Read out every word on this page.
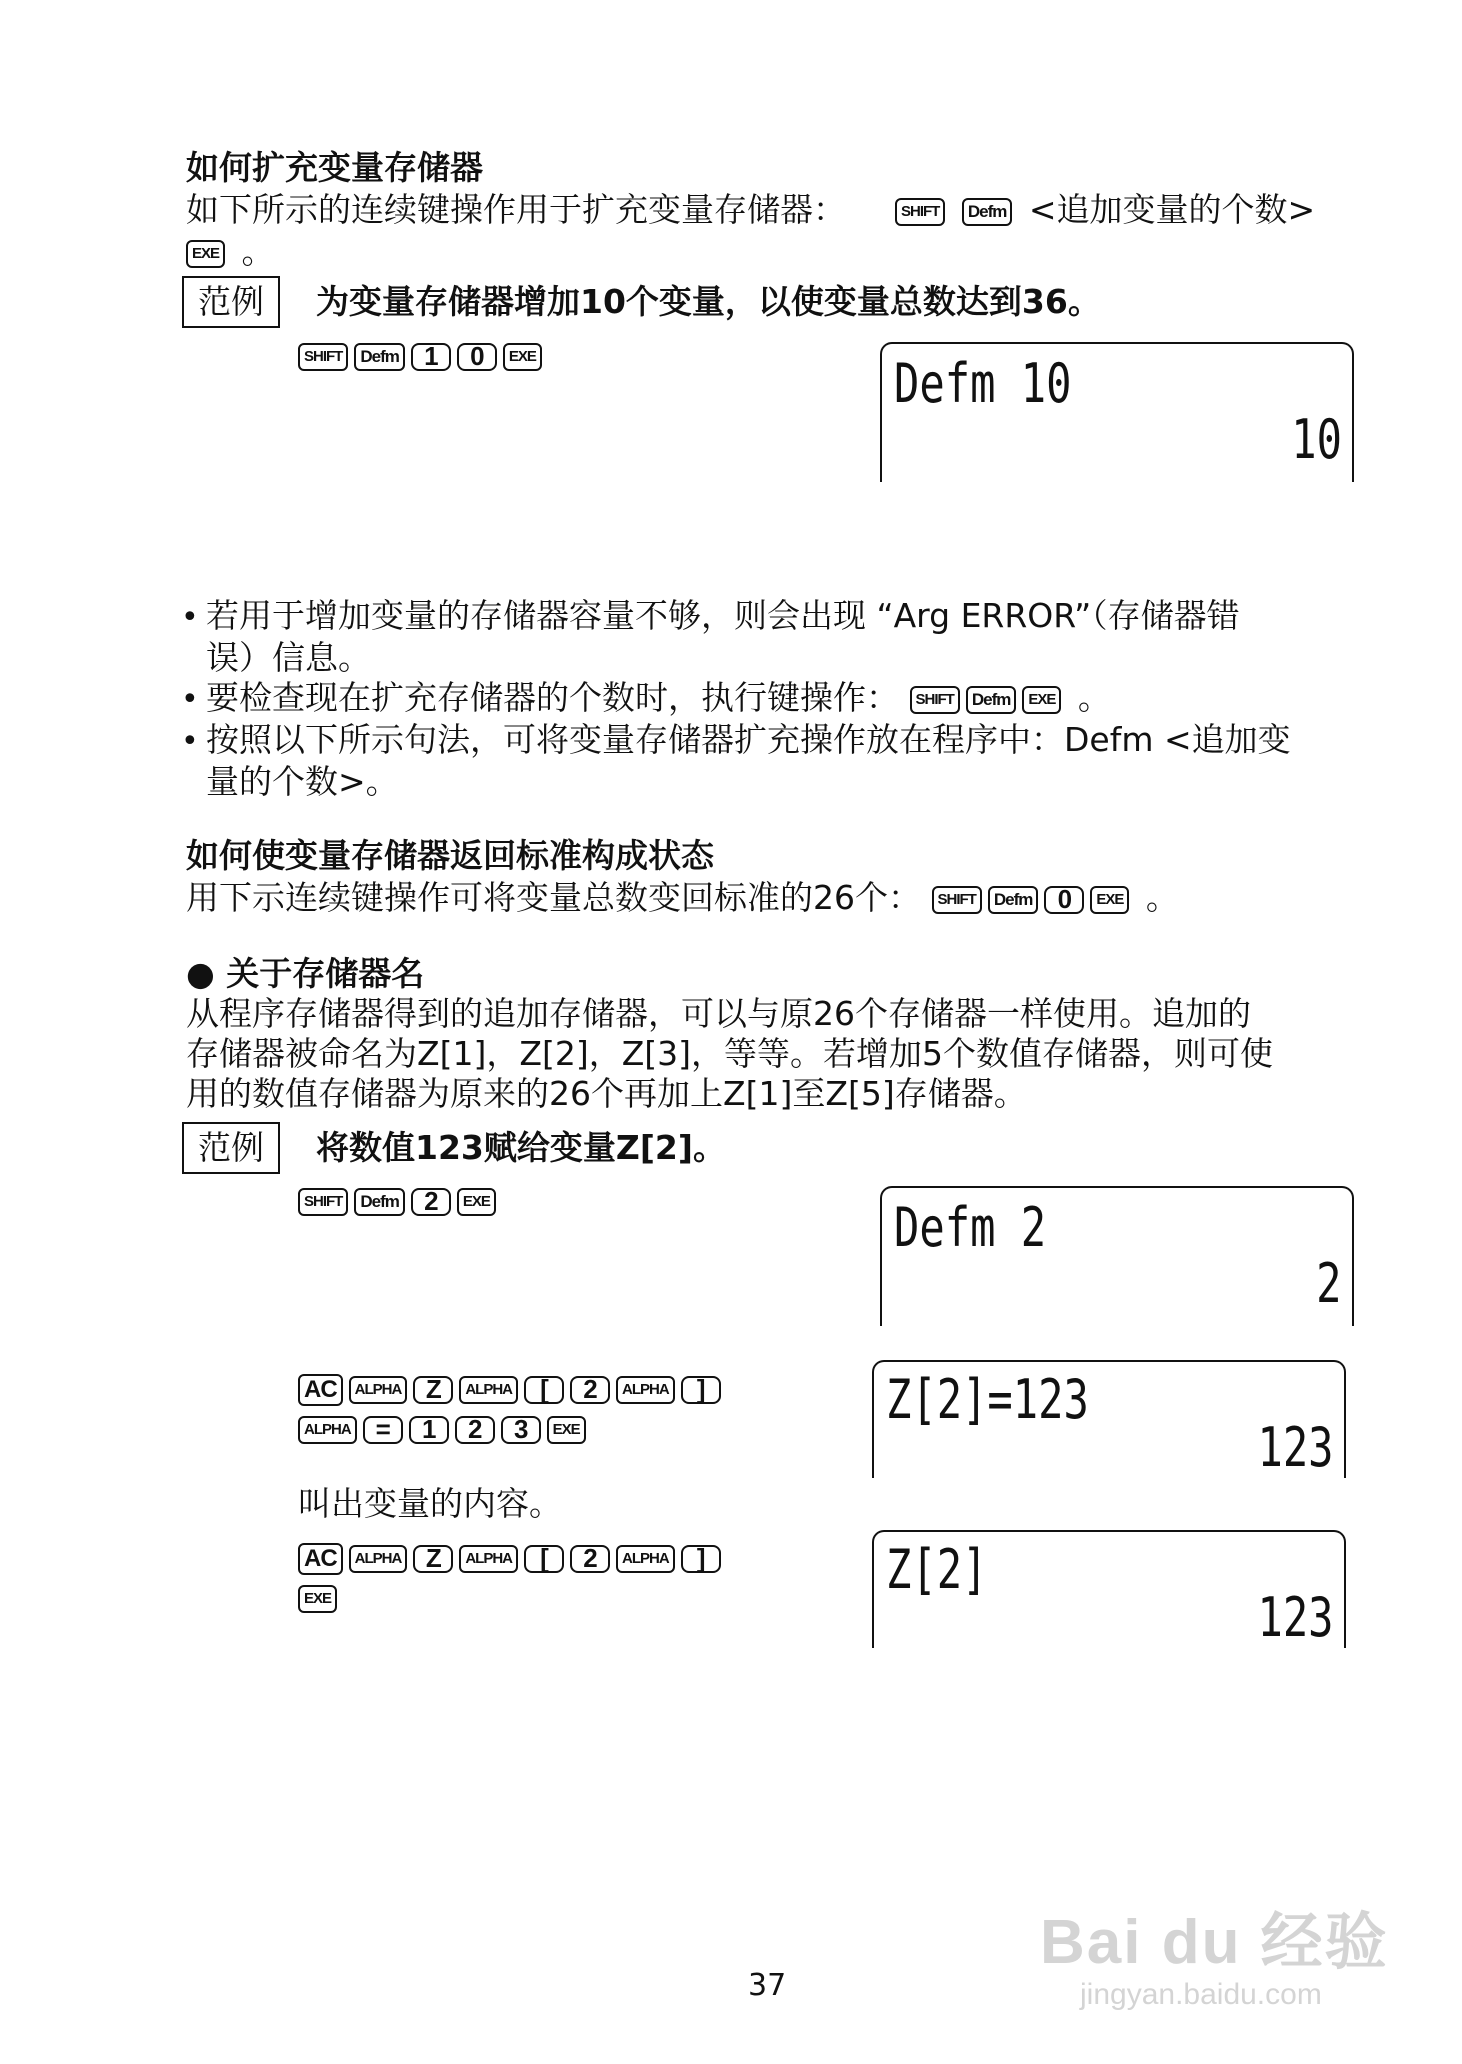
如何扩充变量存储器
如下所示的连续键操作用于扩充变量存储器：	SHIFT Defm <追加变量的个数>
EXE 。
范例	为变量存储器增加10个变量，以使变量总数达到36。
SHIFT Defm 1 0 EXE	Defm 10
10
• 若用于增加变量的存储器容量不够，则会出现 “Arg ERROR”（存储器错
误）信息。
• 要检查现在扩充存储器的个数时，执行键操作： SHIFT Defm EXE 。
• 按照以下所示句法，可将变量存储器扩充操作放在程序中：Defm <追加变
量的个数>。
如何使变量存储器返回标准构成状态
用下示连续键操作可将变量总数变回标准的26个： SHIFT Defm 0 EXE 。
● 关于存储器名
从程序存储器得到的追加存储器，可以与原26个存储器一样使用。追加的
存储器被命名为Z[1]，Z[2]，Z[3]，等等。若增加5个数值存储器，则可使
用的数值存储器为原来的26个再加上Z[1]至Z[5]存储器。
范例	将数值123赋给变量Z[2]。
SHIFT Defm 2 EXE	Defm 2
2
AC ALPHA Z ALPHA [ 2 ALPHA ]
ALPHA = 1 2 3 EXE	Z[2]=123
123
叫出变量的内容。
AC ALPHA Z ALPHA [ 2 ALPHA ]
EXE	Z[2]
123
37
Bai du 经验
jingyan.baidu.com
